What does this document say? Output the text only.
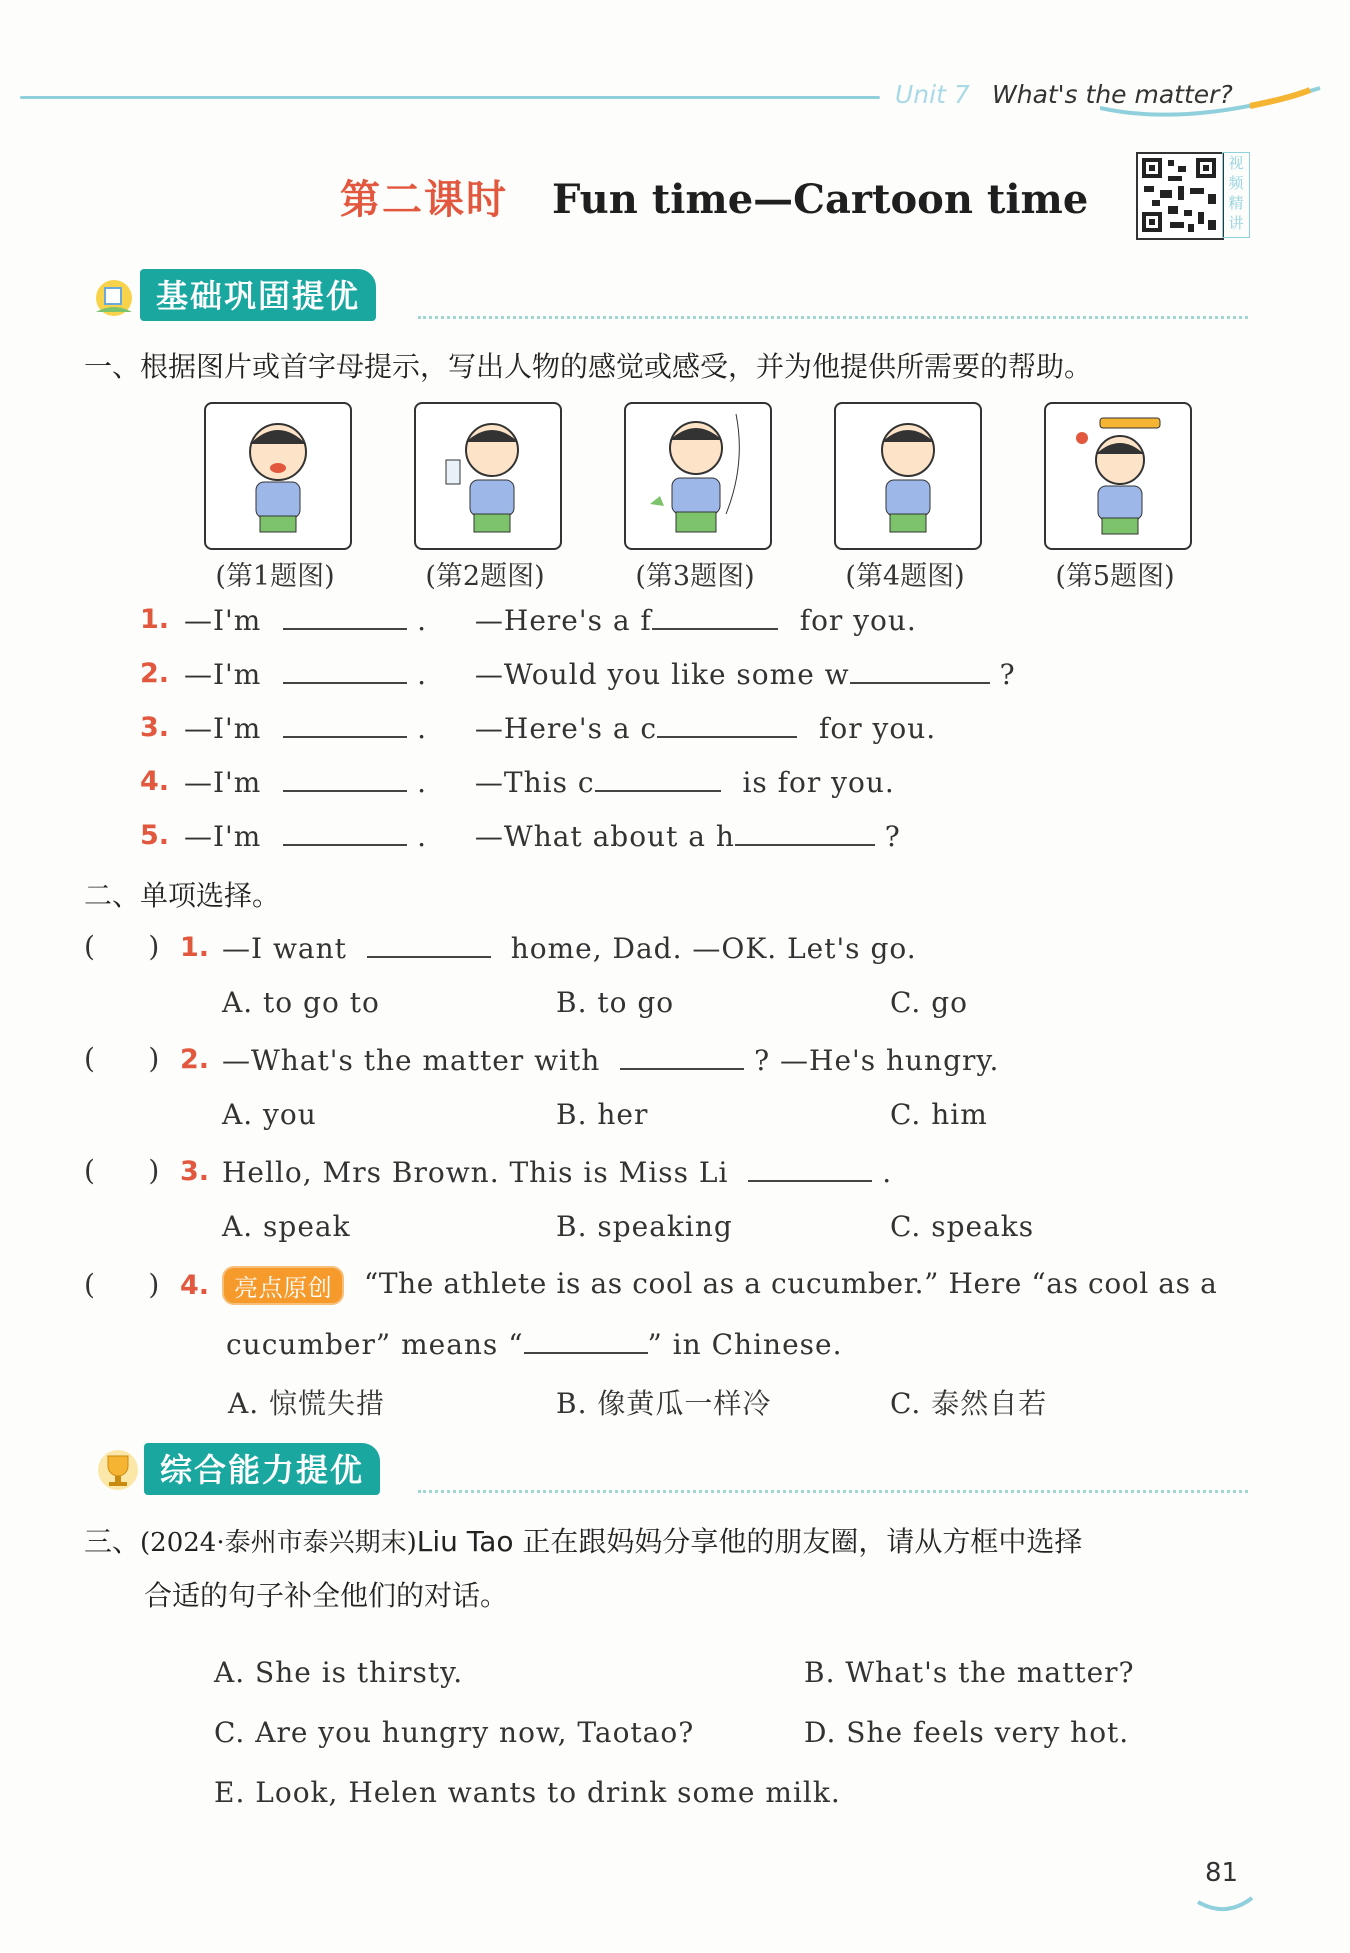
Unit 7 What's the matter?
第二课时 Fun time—Cartoon time
视
频
精
讲
基础巩固提优
一、根据图片或首字母提示，写出人物的感觉或感受，并为他提供所需要的帮助。
(第1题图)	(第2题图)	(第3题图)	(第4题图)	(第5题图)
1. —I'm	. —Here's a f	for you.
2. —I'm	. —Would you like some w	?
3. —I'm	. —Here's a c	for you.
4. —I'm	. —This c	is for you.
5. —I'm	. —What about a h	?
二、单项选择。
(      ) 1. —I want	home, Dad. —OK. Let's go.
A. to go to	B. to go	C. go
(      ) 2. —What's the matter with	? —He's hungry.
A. you	B. her	C. him
(      ) 3. Hello, Mrs Brown. This is Miss Li	.
A. speak	B. speaking	C. speaks
(      ) 4.	亮点原创 “The athlete is as cool as a cucumber.” Here “as cool as a
cucumber” means “	” in Chinese.
A. 惊慌失措	B. 像黄瓜一样冷	C. 泰然自若
综合能力提优
三、(2024·泰州市泰兴期末)Liu Tao 正在跟妈妈分享他的朋友圈，请从方框中选择
合适的句子补全他们的对话。
A. She is thirsty.	B. What's the matter?
C. Are you hungry now, Taotao?	D. She feels very hot.
E. Look, Helen wants to drink some milk.
81
